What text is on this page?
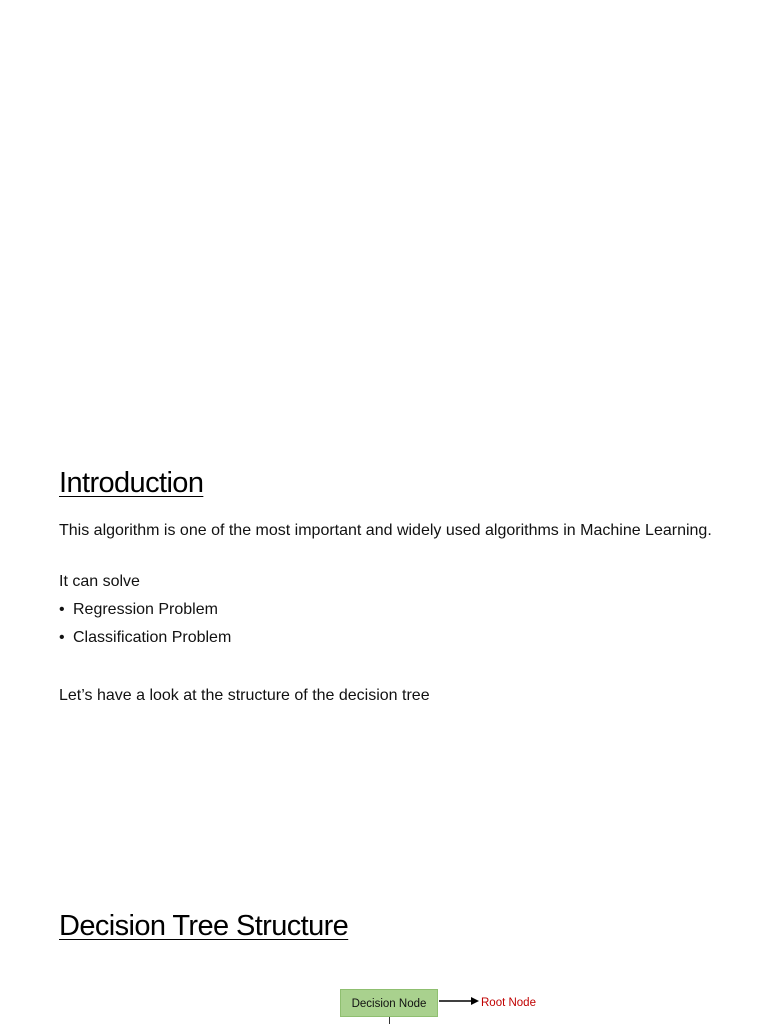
Introduction

This algorithm is one of the most important and widely used algorithms in Machine Learning.

It can solve

• Regression Problem
• Classification Problem

Let’s have a look at the structure of the decision tree

Decision Tree Structure
Decision Node	Root Node
